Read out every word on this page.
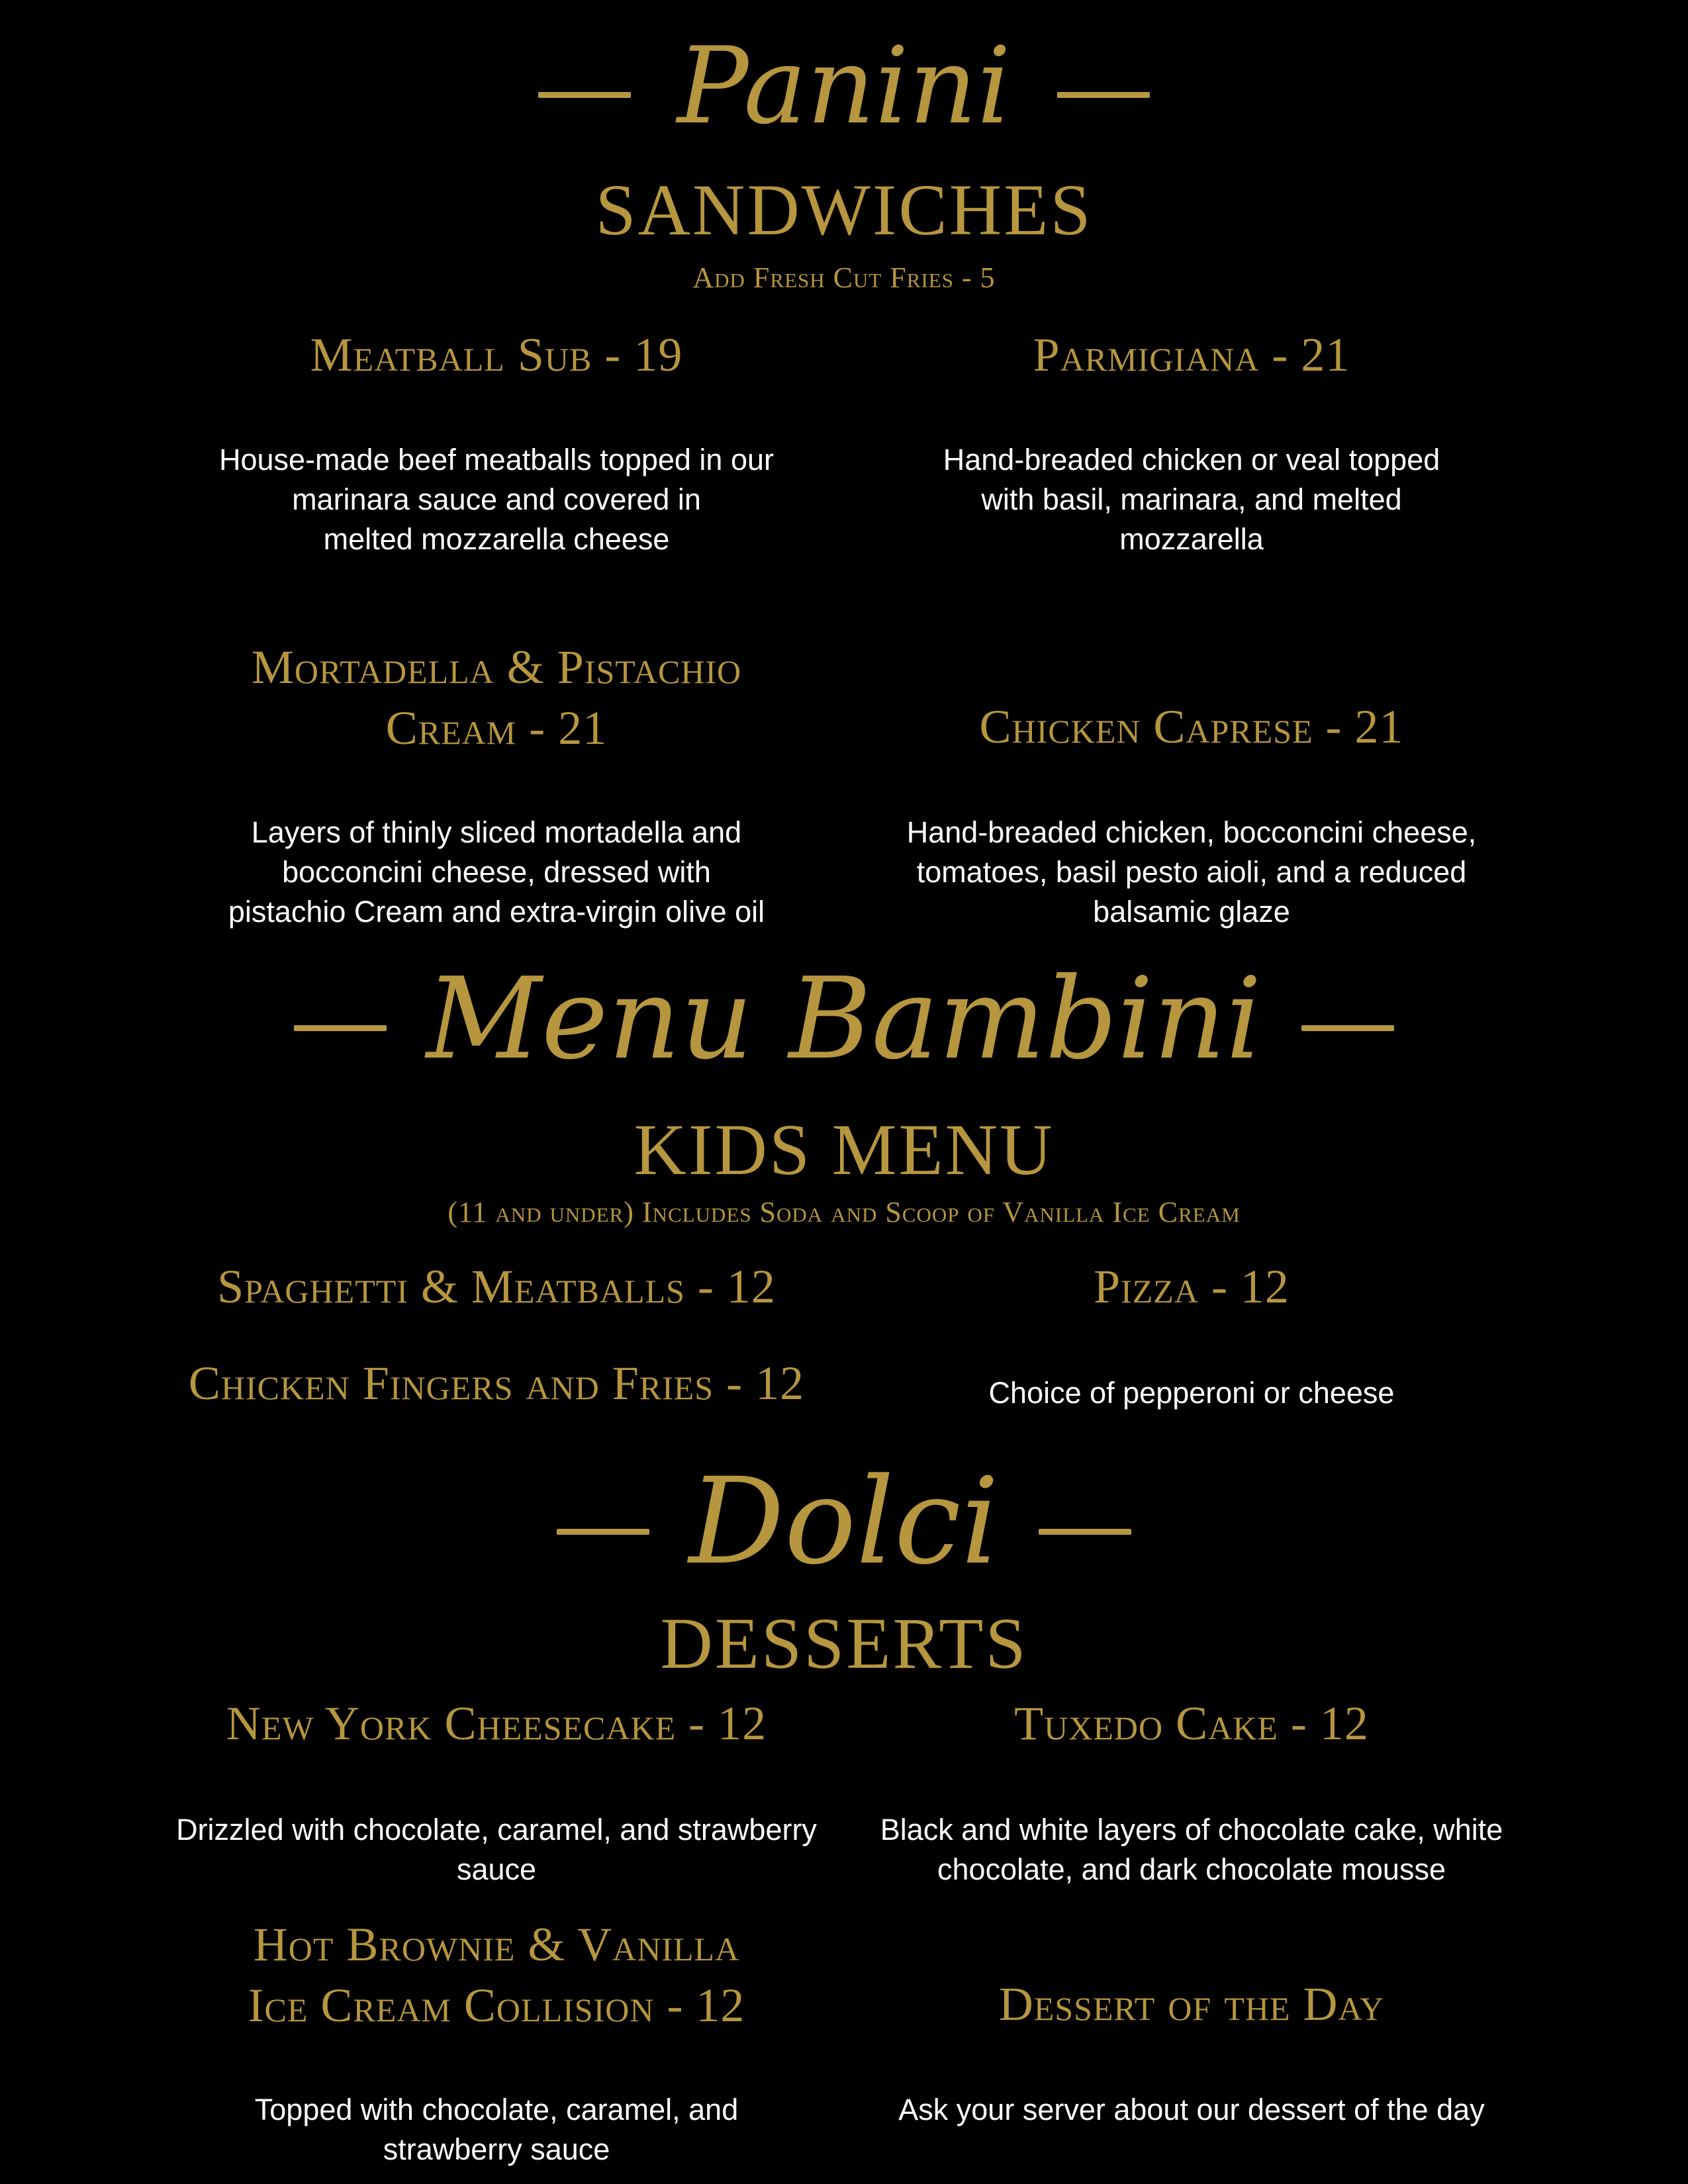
Panini
SANDWICHES
Add Fresh Cut Fries - 5
Meatball Sub - 19
House-made beef meatballs topped in our
marinara sauce and covered in
melted mozzarella cheese
Parmigiana - 21
Hand-breaded chicken or veal topped
with basil, marinara, and melted
mozzarella
Mortadella & Pistachio
Cream - 21
Layers of thinly sliced mortadella and
bocconcini cheese, dressed with
pistachio Cream and extra-virgin olive oil
Chicken Caprese - 21
Hand-breaded chicken, bocconcini cheese,
tomatoes, basil pesto aioli, and a reduced
balsamic glaze
Menu Bambini
KIDS MENU
(11 and under) Includes Soda and Scoop of Vanilla Ice Cream
Spaghetti & Meatballs - 12	Pizza - 12
Chicken Fingers and Fries - 12	Choice of pepperoni or cheese
Dolci
DESSERTS
New York Cheesecake - 12
Drizzled with chocolate, caramel, and strawberry
sauce
Tuxedo Cake - 12
Black and white layers of chocolate cake, white
chocolate, and dark chocolate mousse
Hot Brownie & Vanilla
Ice Cream Collision - 12
Topped with chocolate, caramel, and
strawberry sauce
Dessert of the Day
Ask your server about our dessert of the day
